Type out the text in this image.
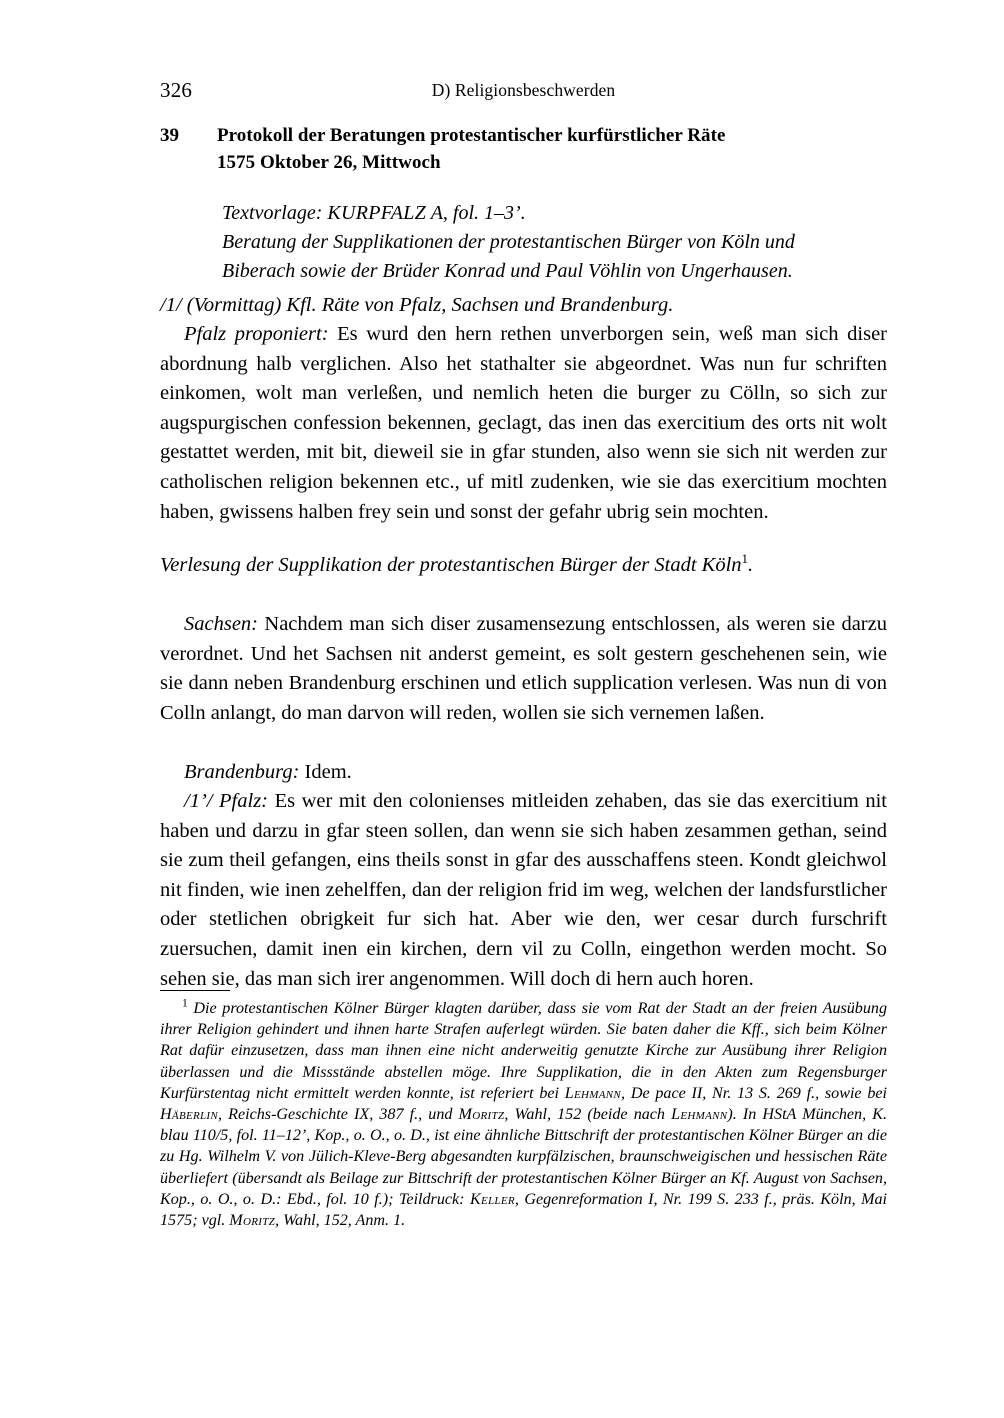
326	D) Religionsbeschwerden
39 Protokoll der Beratungen protestantischer kurfürstlicher Räte
1575 Oktober 26, Mittwoch
Textvorlage: KURPFALZ A, fol. 1–3’.
Beratung der Supplikationen der protestantischen Bürger von Köln und
Biberach sowie der Brüder Konrad und Paul Vöhlin von Ungerhausen.

/1/ (Vormittag) Kfl. Räte von Pfalz, Sachsen und Brandenburg.

Pfalz proponiert: Es wurd den hern rethen unverborgen sein, weß man sich diser abordnung halb verglichen. Also het stathalter sie abgeordnet. Was nun fur schriften einkomen, wolt man verleßen, und nemlich heten die burger zu Cölln, so sich zur augspurgischen confession bekennen, geclagt, das inen das exercitium des orts nit wolt gestattet werden, mit bit, dieweil sie in gfar stunden, also wenn sie sich nit werden zur catholischen religion bekennen etc., uf mitl zudenken, wie sie das exercitium mochten haben, gwissens halben frey sein und sonst der gefahr ubrig sein mochten.

Verlesung der Supplikation der protestantischen Bürger der Stadt Köln$^1$.

Sachsen: Nachdem man sich diser zusamensezung entschlossen, als weren sie darzu verordnet. Und het Sachsen nit anderst gemeint, es solt gestern geschehenen sein, wie sie dann neben Brandenburg erschinen und etlich supplication verlesen. Was nun di von Colln anlangt, do man darvon will reden, wollen sie sich vernemen laßen.

Brandenburg: Idem.

/1’/ Pfalz: Es wer mit den colonienses mitleiden zehaben, das sie das exercitium nit haben und darzu in gfar steen sollen, dan wenn sie sich haben zesammen gethan, seind sie zum theil gefangen, eins theils sonst in gfar des ausschaffens steen. Kondt gleichwol nit finden, wie inen zehelffen, dan der religion frid im weg, welchen der landsfurstlicher oder stetlichen obrigkeit fur sich hat. Aber wie den, wer cesar durch furschrift zuersuchen, damit inen ein kirchen, dern vil zu Colln, eingethon werden mocht. So sehen sie, das man sich irer angenommen. Will doch di hern auch horen.

$^1$ Die protestantischen Kölner Bürger klagten darüber, dass sie vom Rat der Stadt an der freien Ausübung ihrer Religion gehindert und ihnen harte Strafen auferlegt würden. Sie baten daher die Kff., sich beim Kölner Rat dafür einzusetzen, dass man ihnen eine nicht anderweitig genutzte Kirche zur Ausübung ihrer Religion überlassen und die Missstände abstellen möge. Ihre Supplikation, die in den Akten zum Regensburger Kurfürstentag nicht ermittelt werden konnte, ist referiert bei Lehmann, De pace II, Nr. 13 S. 269 f., sowie bei Häberlin, Reichs-Geschichte IX, 387 f., und Moritz, Wahl, 152 (beide nach Lehmann). In HStA München, K. blau 110/5, fol. 11–12’, Kop., o. O., o. D., ist eine ähnliche Bittschrift der protestantischen Kölner Bürger an die zu Hg. Wilhelm V. von Jülich-Kleve-Berg abgesandten kurpfälzischen, braunschweigischen und hessischen Räte überliefert (übersandt als Beilage zur Bittschrift der protestantischen Kölner Bürger an Kf. August von Sachsen, Kop., o. O., o. D.: Ebd., fol. 10 f.); Teildruck: Keller, Gegenreformation I, Nr. 199 S. 233 f., präs. Köln, Mai 1575; vgl. Moritz, Wahl, 152, Anm. 1.
